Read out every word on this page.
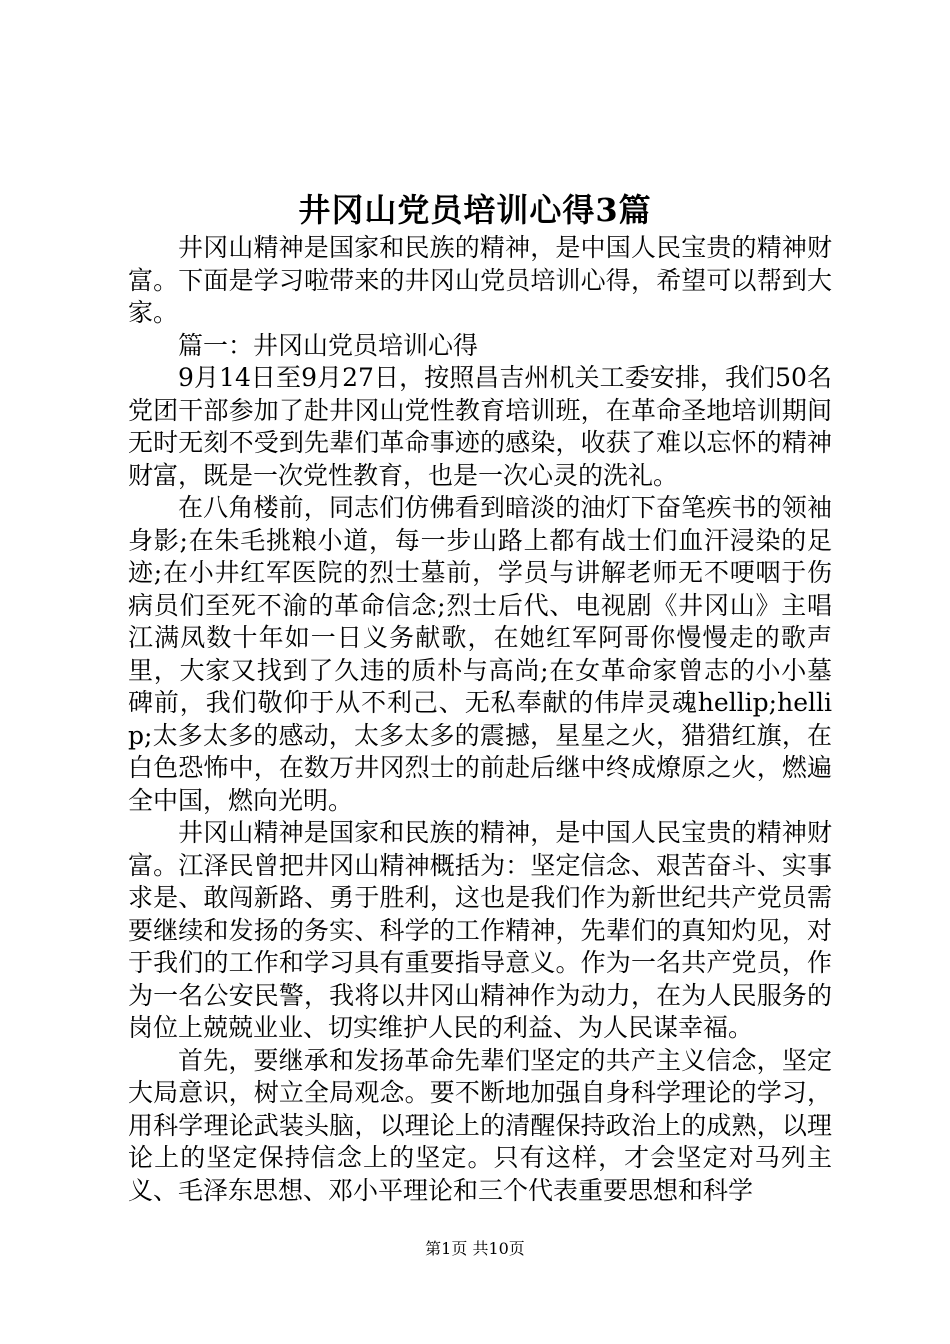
井冈山党员培训心得3篇

井冈山精神是国家和民族的精神，是中国人民宝贵的精神财富。下面是学习啦带来的井冈山党员培训心得，希望可以帮到大家。

篇一：井冈山党员培训心得

9月14日至9月27日，按照昌吉州机关工委安排，我们50名党团干部参加了赴井冈山党性教育培训班，在革命圣地培训期间无时无刻不受到先辈们革命事迹的感染，收获了难以忘怀的精神财富，既是一次党性教育，也是一次心灵的洗礼。

在八角楼前，同志们仿佛看到暗淡的油灯下奋笔疾书的领袖身影;在朱毛挑粮小道，每一步山路上都有战士们血汗浸染的足迹;在小井红军医院的烈士墓前，学员与讲解老师无不哽咽于伤病员们至死不渝的革命信念;烈士后代、电视剧《井冈山》主唱江满凤数十年如一日义务献歌，在她红军阿哥你慢慢走的歌声里，大家又找到了久违的质朴与高尚;在女革命家曾志的小小墓碑前，我们敬仰于从不利己、无私奉献的伟岸灵魂hellip;hellip;太多太多的感动，太多太多的震撼，星星之火，猎猎红旗，在白色恐怖中，在数万井冈烈士的前赴后继中终成燎原之火，燃遍全中国，燃向光明。

井冈山精神是国家和民族的精神，是中国人民宝贵的精神财富。江泽民曾把井冈山精神概括为：坚定信念、艰苦奋斗、实事求是、敢闯新路、勇于胜利，这也是我们作为新世纪共产党员需要继续和发扬的务实、科学的工作精神，先辈们的真知灼见，对于我们的工作和学习具有重要指导意义。作为一名共产党员，作为一名公安民警，我将以井冈山精神作为动力，在为人民服务的岗位上兢兢业业、切实维护人民的利益、为人民谋幸福。

首先，要继承和发扬革命先辈们坚定的共产主义信念，坚定大局意识，树立全局观念。要不断地加强自身科学理论的学习，用科学理论武装头脑，以理论上的清醒保持政治上的成熟，以理论上的坚定保持信念上的坚定。只有这样，才会坚定对马列主义、毛泽东思想、邓小平理论和三个代表重要思想和科学

第1页 共10页
